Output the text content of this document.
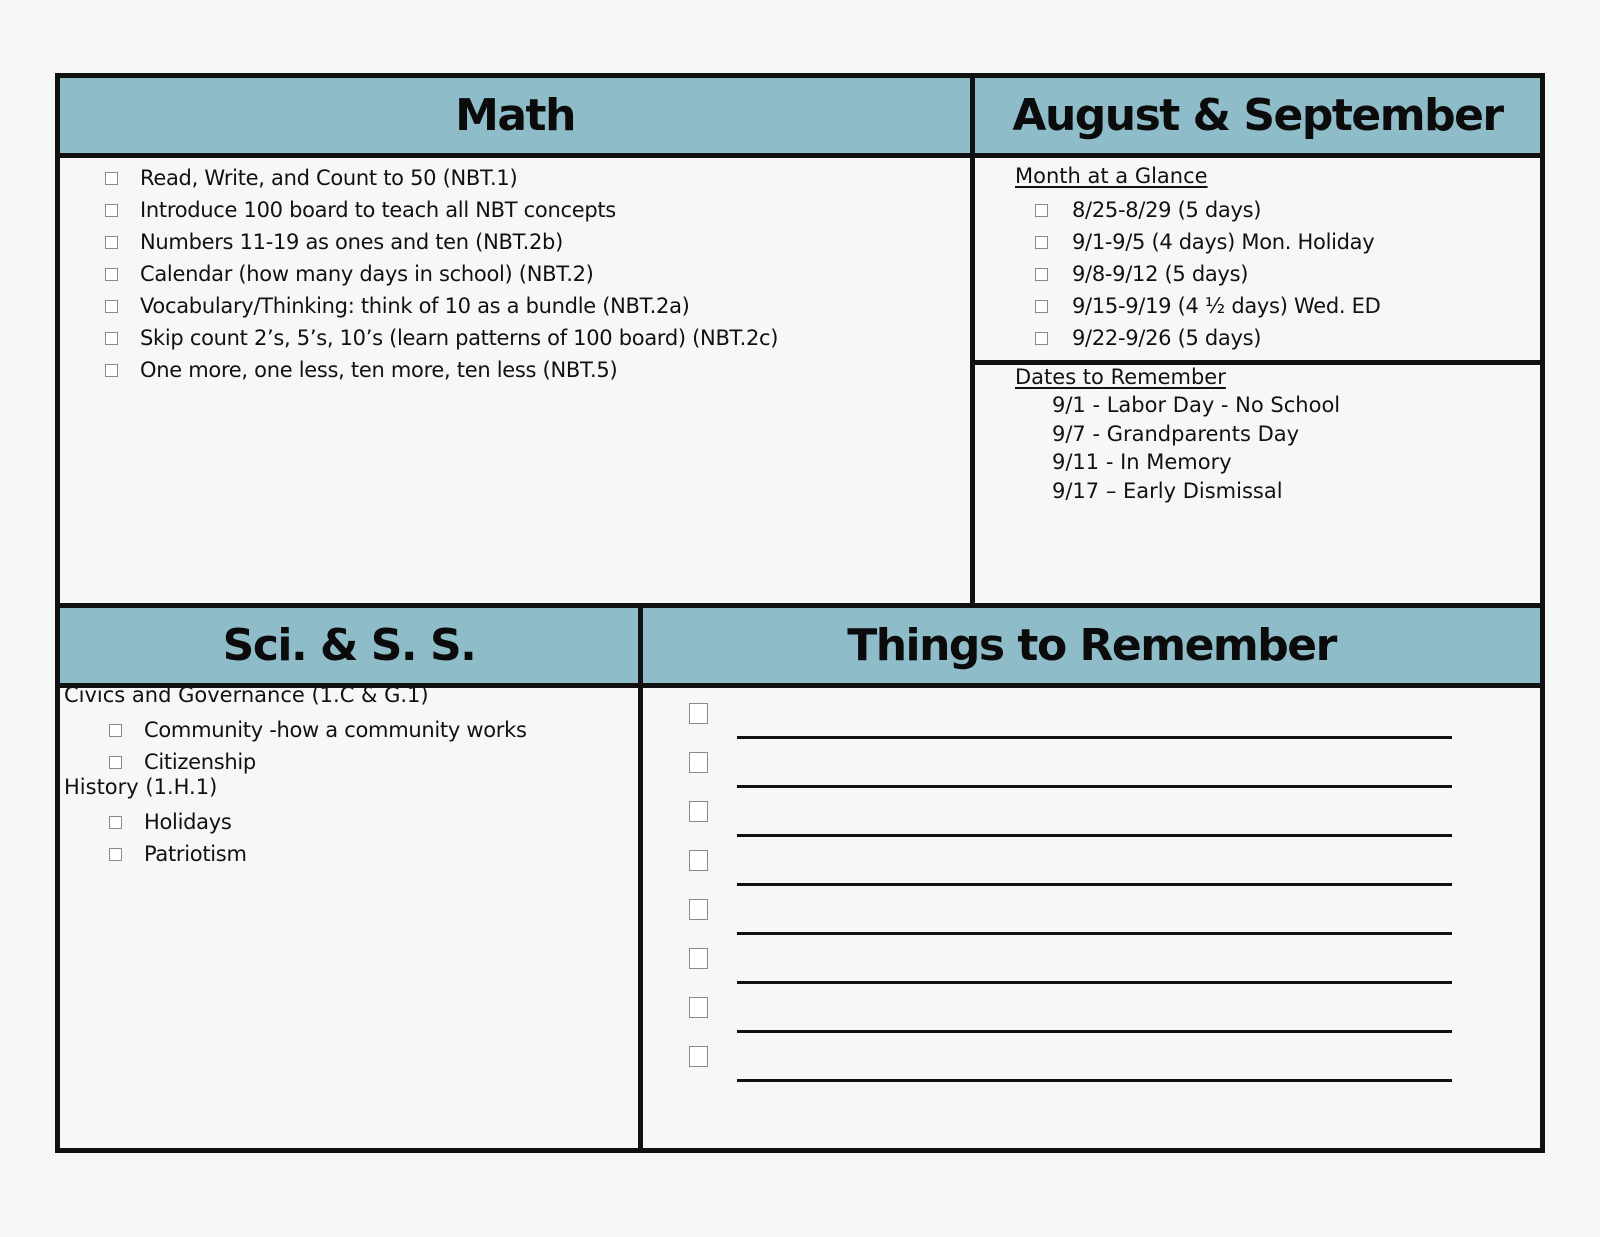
Math	August & September
Read, Write, and Count to 50 (NBT.1)
Introduce 100 board to teach all NBT concepts
Numbers 11-19 as ones and ten (NBT.2b)
Calendar (how many days in school) (NBT.2)
Vocabulary/Thinking: think of 10 as a bundle (NBT.2a)
Skip count 2’s, 5’s, 10’s (learn patterns of 100 board) (NBT.2c)
One more, one less, ten more, ten less (NBT.5)
Month at a Glance
8/25-8/29 (5 days)
9/1-9/5 (4 days) Mon. Holiday
9/8-9/12 (5 days)
9/15-9/19 (4 ½ days) Wed. ED
9/22-9/26 (5 days)
Dates to Remember
9/1 - Labor Day - No School
9/7 - Grandparents Day
9/11 - In Memory
9/17 – Early Dismissal
Sci. & S. S.	Things to Remember
Civics and Governance (1.C & G.1)
Community -how a community works
Citizenship
History (1.H.1)
Holidays
Patriotism
